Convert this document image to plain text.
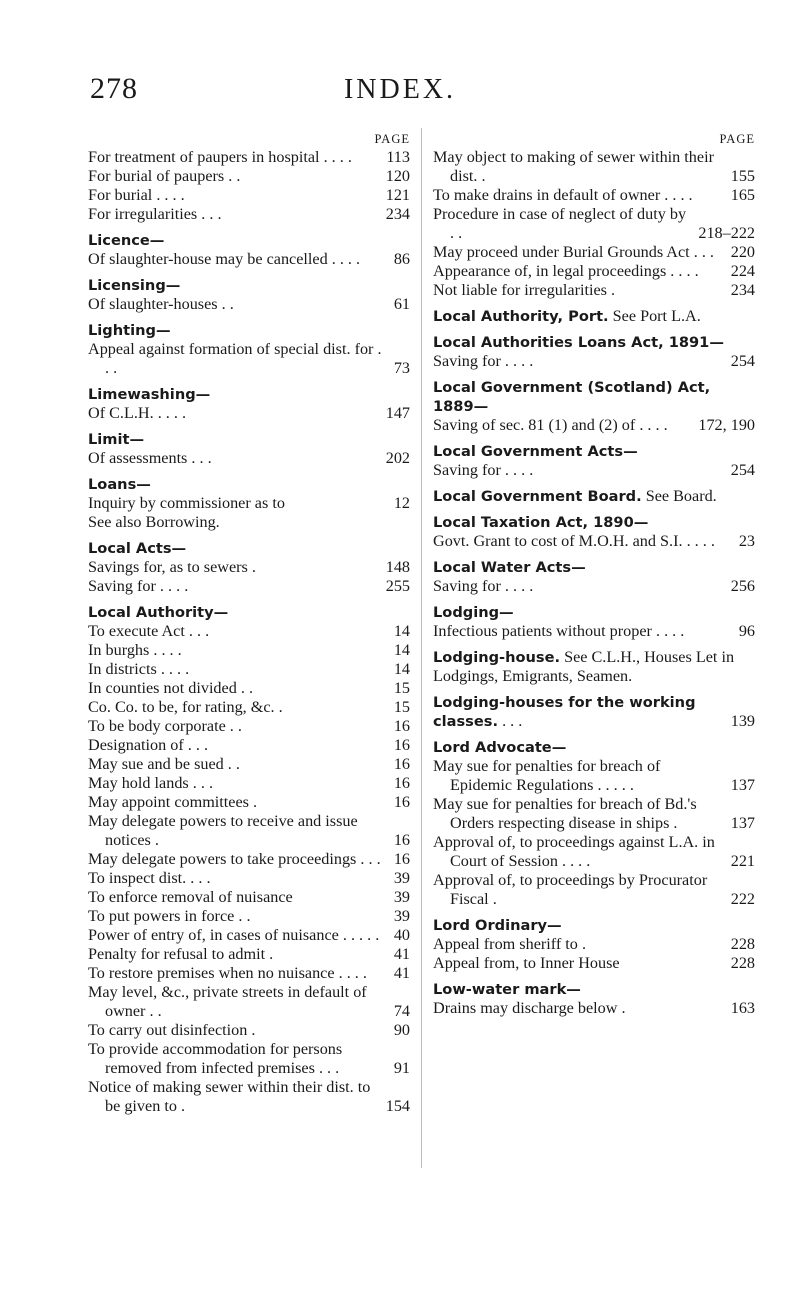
278	INDEX.
PAGE
For treatment of paupers in hospital . . . .	113
For burial of paupers . .	120
For burial . . . .	121
For irregularities . . .	234
Licence—
Of slaughter-house may be cancelled . . . .	86
Licensing—
Of slaughter-houses . .	61
Lighting—
Appeal against formation of special dist. for . . .	73
Limewashing—
Of C.L.H. . . . .	147
Limit—
Of assessments . . .	202
Loans—
Inquiry by commissioner as to	12
See also Borrowing.
Local Acts—
Savings for, as to sewers .	148
Saving for . . . .	255
Local Authority—
To execute Act . . .	14
In burghs . . . .	14
In districts . . . .	14
In counties not divided . .	15
Co. Co. to be, for rating, &c. .	15
To be body corporate . .	16
Designation of . . .	16
May sue and be sued . .	16
May hold lands . . .	16
May appoint committees .	16
May delegate powers to receive and issue notices .	16
May delegate powers to take proceedings . . . 16
To inspect dist. . . .	39
To enforce removal of nuisance	39
To put powers in force . .	39
Power of entry of, in cases of nuisance . . . . . 40
Penalty for refusal to admit .	41
To restore premises when no nuisance . . . .	41
May level, &c., private streets in default of owner . .	74
To carry out disinfection .	90
To provide accommodation for persons removed from infected premises . . .	91
Notice of making sewer within their dist. to be given to .	154
PAGE
May object to making of sewer within their dist. .	155
To make drains in default of owner . . . .	165
Procedure in case of neglect of duty by . .	218–222
May proceed under Burial Grounds Act . . .	220
Appearance of, in legal proceedings . . . .	224
Not liable for irregularities .	234
Local Authority, Port. See Port L.A.
Local Authorities Loans Act, 1891—
Saving for . . . .	254
Local Government (Scotland) Act, 1889—
Saving of sec. 81 (1) and (2) of . . . .	172, 190
Local Government Acts—
Saving for . . . .	254
Local Government Board. See Board.
Local Taxation Act, 1890—
Govt. Grant to cost of M.O.H. and S.I. . . . .	23
Local Water Acts—
Saving for . . . .	256
Lodging—
Infectious patients without proper . . . .	96
Lodging-house. See C.L.H., Houses Let in Lodgings, Emigrants, Seamen.
Lodging-houses for the working classes. . . .	139
Lord Advocate—
May sue for penalties for breach of Epidemic Regulations . . . . .	137
May sue for penalties for breach of Bd.'s Orders respecting disease in ships .	137
Approval of, to proceedings against L.A. in Court of Session . . . .	221
Approval of, to proceedings by Procurator Fiscal .	222
Lord Ordinary—
Appeal from sheriff to .	228
Appeal from, to Inner House	228
Low-water mark—
Drains may discharge below .	163
